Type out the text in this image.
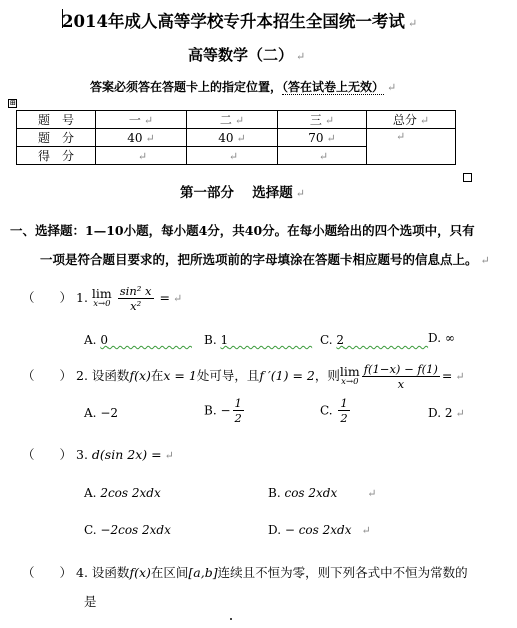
2014年成人高等学校专升本招生全国统一考试 ↵
高等数学（二） ↵
答案必须答在答题卡上的指定位置，（答在试卷上无效） ↵
⊞
题　号	一 ↵	二 ↵	三 ↵	总分 ↵
题　分	40 ↵	40 ↵	70 ↵	↵
得　分	↵	↵	↵	
第一部分　 选择题 ↵
一、选择题：1—10小题，每小题4分，共40分。在每小题给出的四个选项中，只有
一项是符合题目要求的，把所选项前的字母填涂在答题卡相应题号的信息点上。 ↵
（　　） 1. lim
x→0
$\frac{\text{sin² x}}{\text{x²}}$ = ↵
A. 0　　　　　　　	B. 1　　　　　　　	C. 2　　　　　　　	D. ∞
（　　） 2. 设函数f(x)在x = 1处可导，且f ′(1) = 2，则lim
$x\to 0 \frac{f(1-x) - f(1)}{x}$ = ↵
A. −2	B. − $\frac{1}{2}$	C. $\frac{1}{2}$	D. 2 ↵
（　　） 3. d(sin 2x) = ↵
A. 2cos 2xdx	B. cos 2xdx	↵
C. −2cos 2xdx	D. − cos 2xdx ↵
（　　） 4. 设函数f(x)在区间[a,b]连续且不恒为零，则下列各式中不恒为常数的
是
